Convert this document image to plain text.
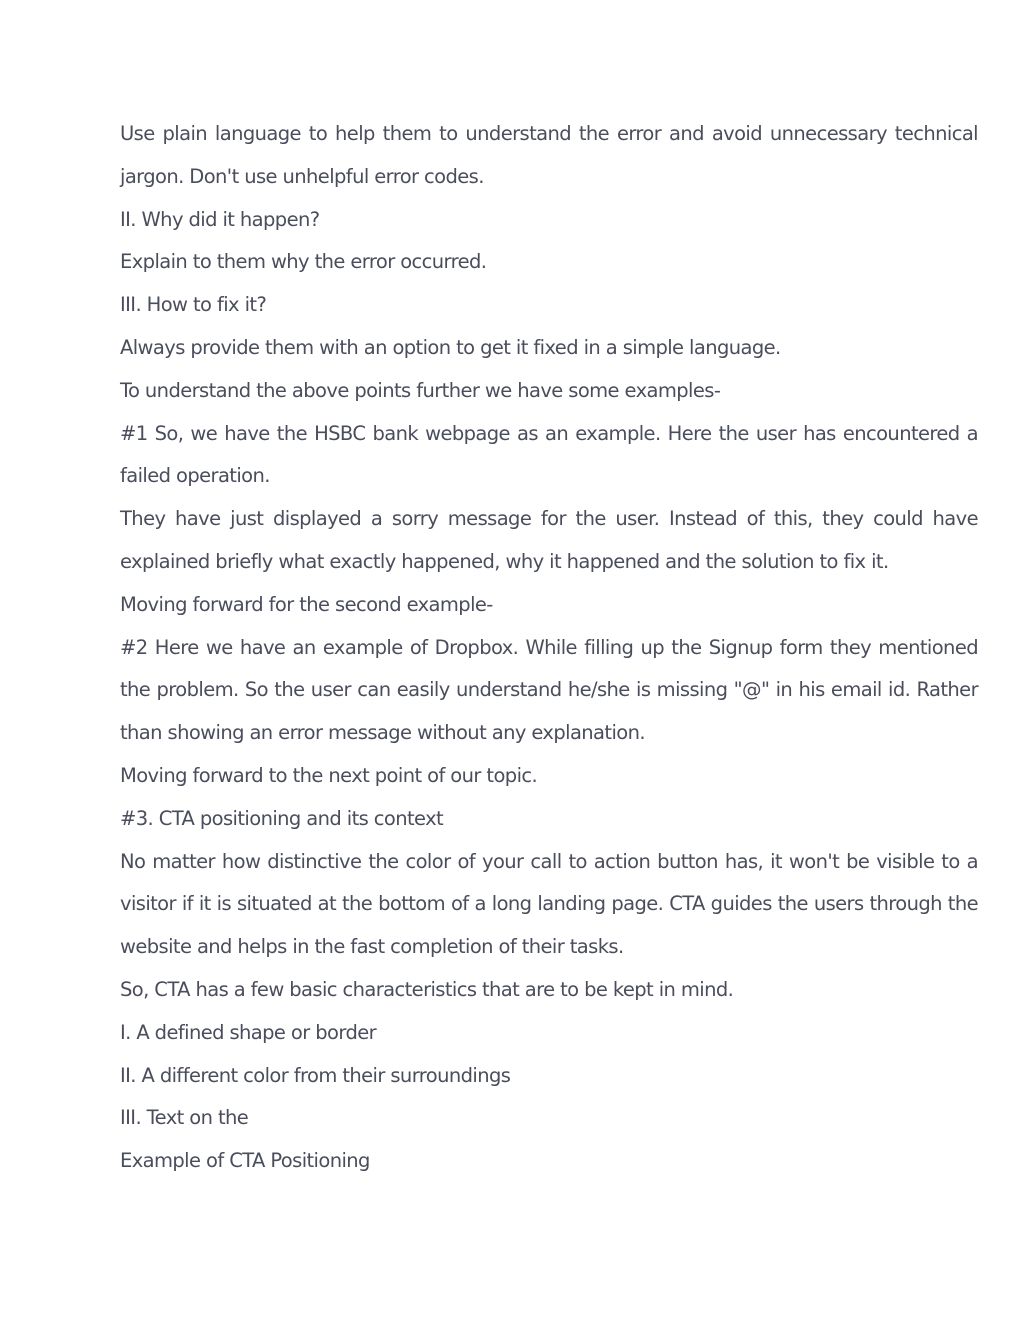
Use plain language to help them to understand the error and avoid unnecessary technical jargon. Don't use unhelpful error codes.

II. Why did it happen?

Explain to them why the error occurred.

III. How to fix it?

Always provide them with an option to get it fixed in a simple language.

To understand the above points further we have some examples-

#1 So, we have the HSBC bank webpage as an example. Here the user has encountered a failed operation.

They have just displayed a sorry message for the user. Instead of this, they could have explained briefly what exactly happened, why it happened and the solution to fix it.

Moving forward for the second example-

#2 Here we have an example of Dropbox. While filling up the Signup form they mentioned the problem. So the user can easily understand he/she is missing "@" in his email id. Rather than showing an error message without any explanation.

Moving forward to the next point of our topic.

#3. CTA positioning and its context

No matter how distinctive the color of your call to action button has, it won't be visible to a visitor if it is situated at the bottom of a long landing page. CTA guides the users through the website and helps in the fast completion of their tasks.

So, CTA has a few basic characteristics that are to be kept in mind.

I. A defined shape or border

II. A different color from their surroundings

III. Text on the

Example of CTA Positioning
